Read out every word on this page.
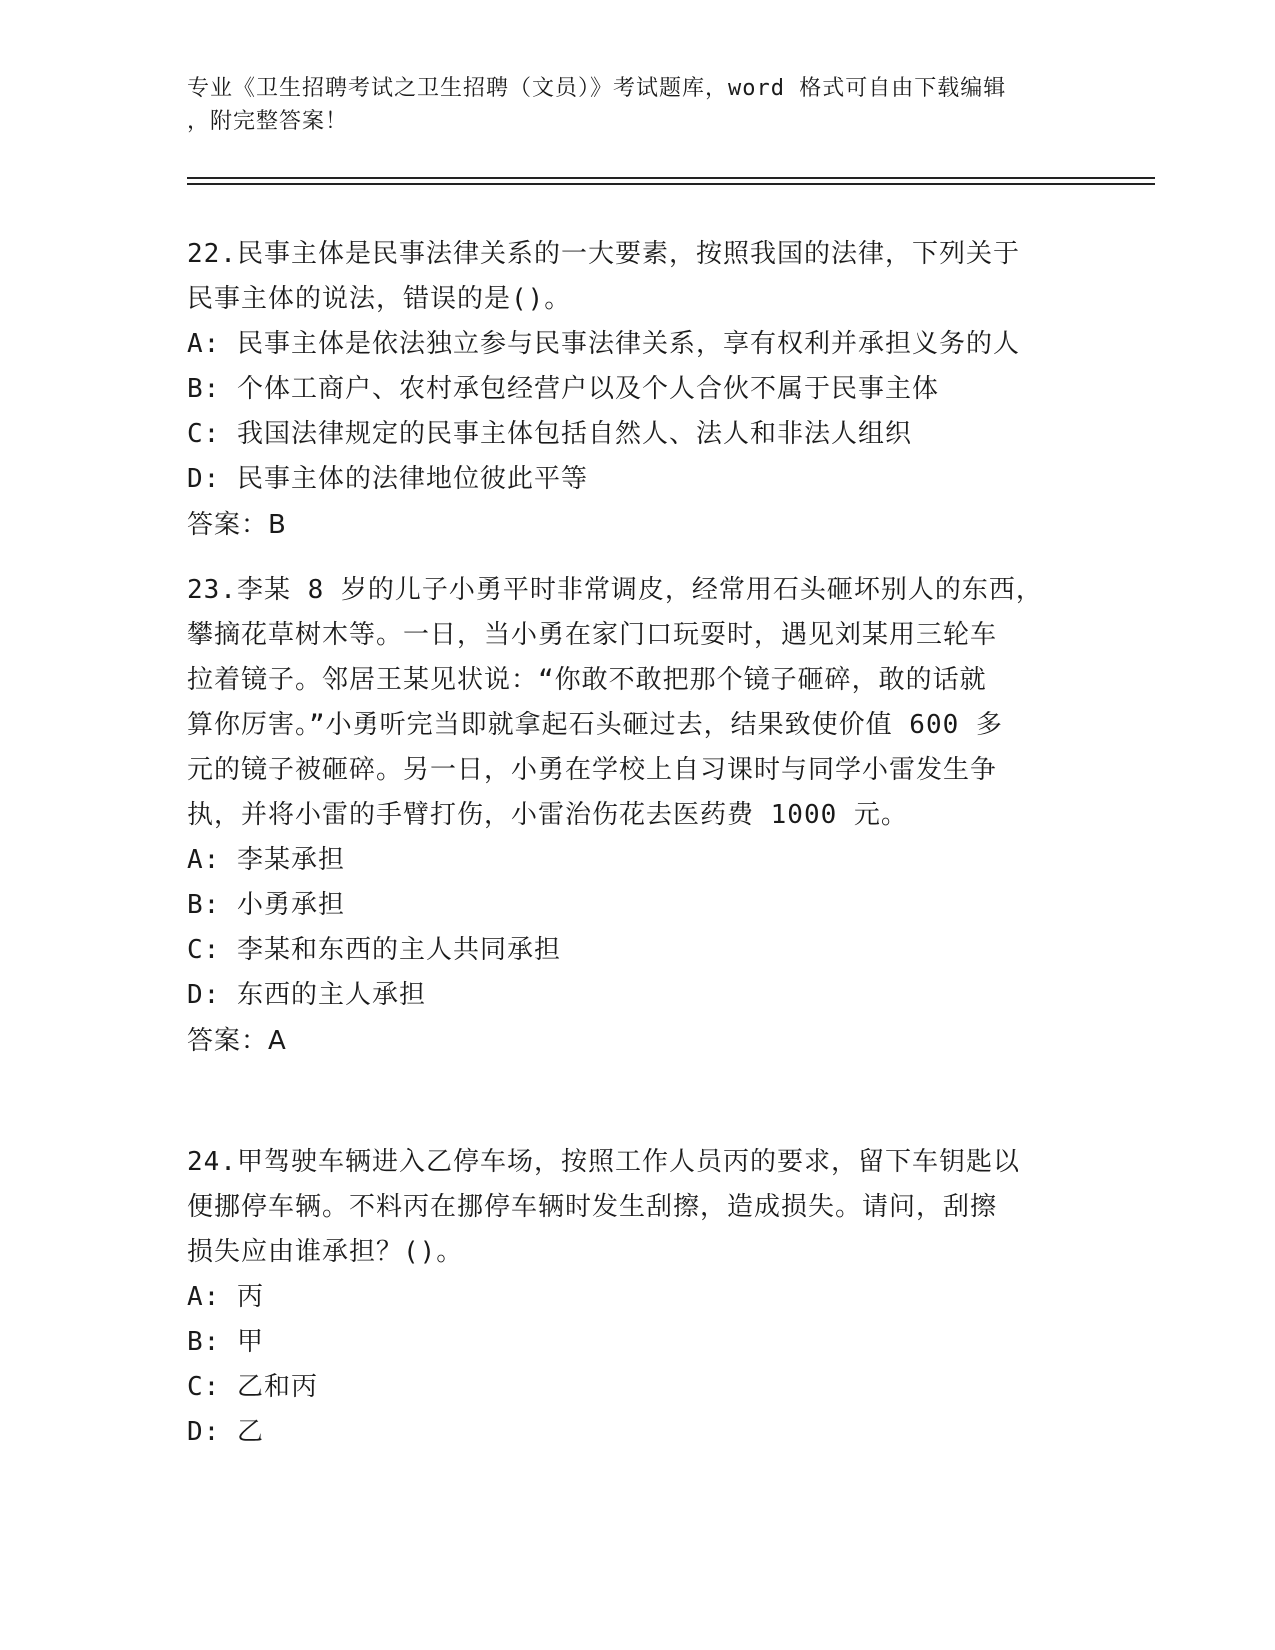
专业《卫生招聘考试之卫生招聘（文员）》考试题库，word 格式可自由下载编辑
，附完整答案！
22.民事主体是民事法律关系的一大要素，按照我国的法律，下列关于
民事主体的说法，错误的是()。
A: 民事主体是依法独立参与民事法律关系，享有权利并承担义务的人
B: 个体工商户、农村承包经营户以及个人合伙不属于民事主体
C: 我国法律规定的民事主体包括自然人、法人和非法人组织
D: 民事主体的法律地位彼此平等
答案：B
23.李某 8 岁的儿子小勇平时非常调皮，经常用石头砸坏别人的东西，
攀摘花草树木等。一日，当小勇在家门口玩耍时，遇见刘某用三轮车
拉着镜子。邻居王某见状说：“你敢不敢把那个镜子砸碎，敢的话就
算你厉害。”小勇听完当即就拿起石头砸过去，结果致使价值 600 多
元的镜子被砸碎。另一日，小勇在学校上自习课时与同学小雷发生争
执，并将小雷的手臂打伤，小雷治伤花去医药费 1000 元。
A: 李某承担
B: 小勇承担
C: 李某和东西的主人共同承担
D: 东西的主人承担
答案：A
24.甲驾驶车辆进入乙停车场，按照工作人员丙的要求，留下车钥匙以
便挪停车辆。不料丙在挪停车辆时发生刮擦，造成损失。请问，刮擦
损失应由谁承担？()。
A: 丙
B: 甲
C: 乙和丙
D: 乙
